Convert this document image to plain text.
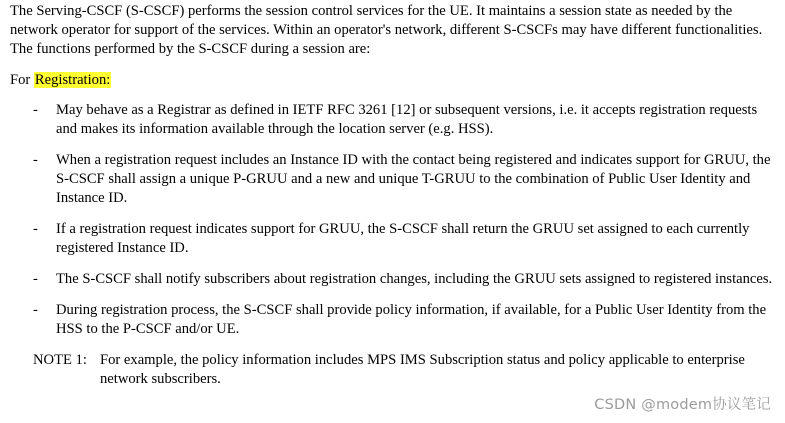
The Serving-CSCF (S-CSCF) performs the session control services for the UE. It maintains a session state as needed by the network operator for support of the services. Within an operator's network, different S-CSCFs may have different functionalities. The functions performed by the S-CSCF during a session are:

For Registration:

-	May behave as a Registrar as defined in IETF RFC 3261 [12] or subsequent versions, i.e. it accepts registration requests and makes its information available through the location server (e.g. HSS).
-	When a registration request includes an Instance ID with the contact being registered and indicates support for GRUU, the S-CSCF shall assign a unique P-GRUU and a new and unique T-GRUU to the combination of Public User Identity and Instance ID.
-	If a registration request indicates support for GRUU, the S-CSCF shall return the GRUU set assigned to each currently registered Instance ID.
-	The S-CSCF shall notify subscribers about registration changes, including the GRUU sets assigned to registered instances.
-	During registration process, the S-CSCF shall provide policy information, if available, for a Public User Identity from the HSS to the P-CSCF and/or UE.
NOTE 1: For example, the policy information includes MPS IMS Subscription status and policy applicable to enterprise network subscribers.
CSDN @modem协议笔记
